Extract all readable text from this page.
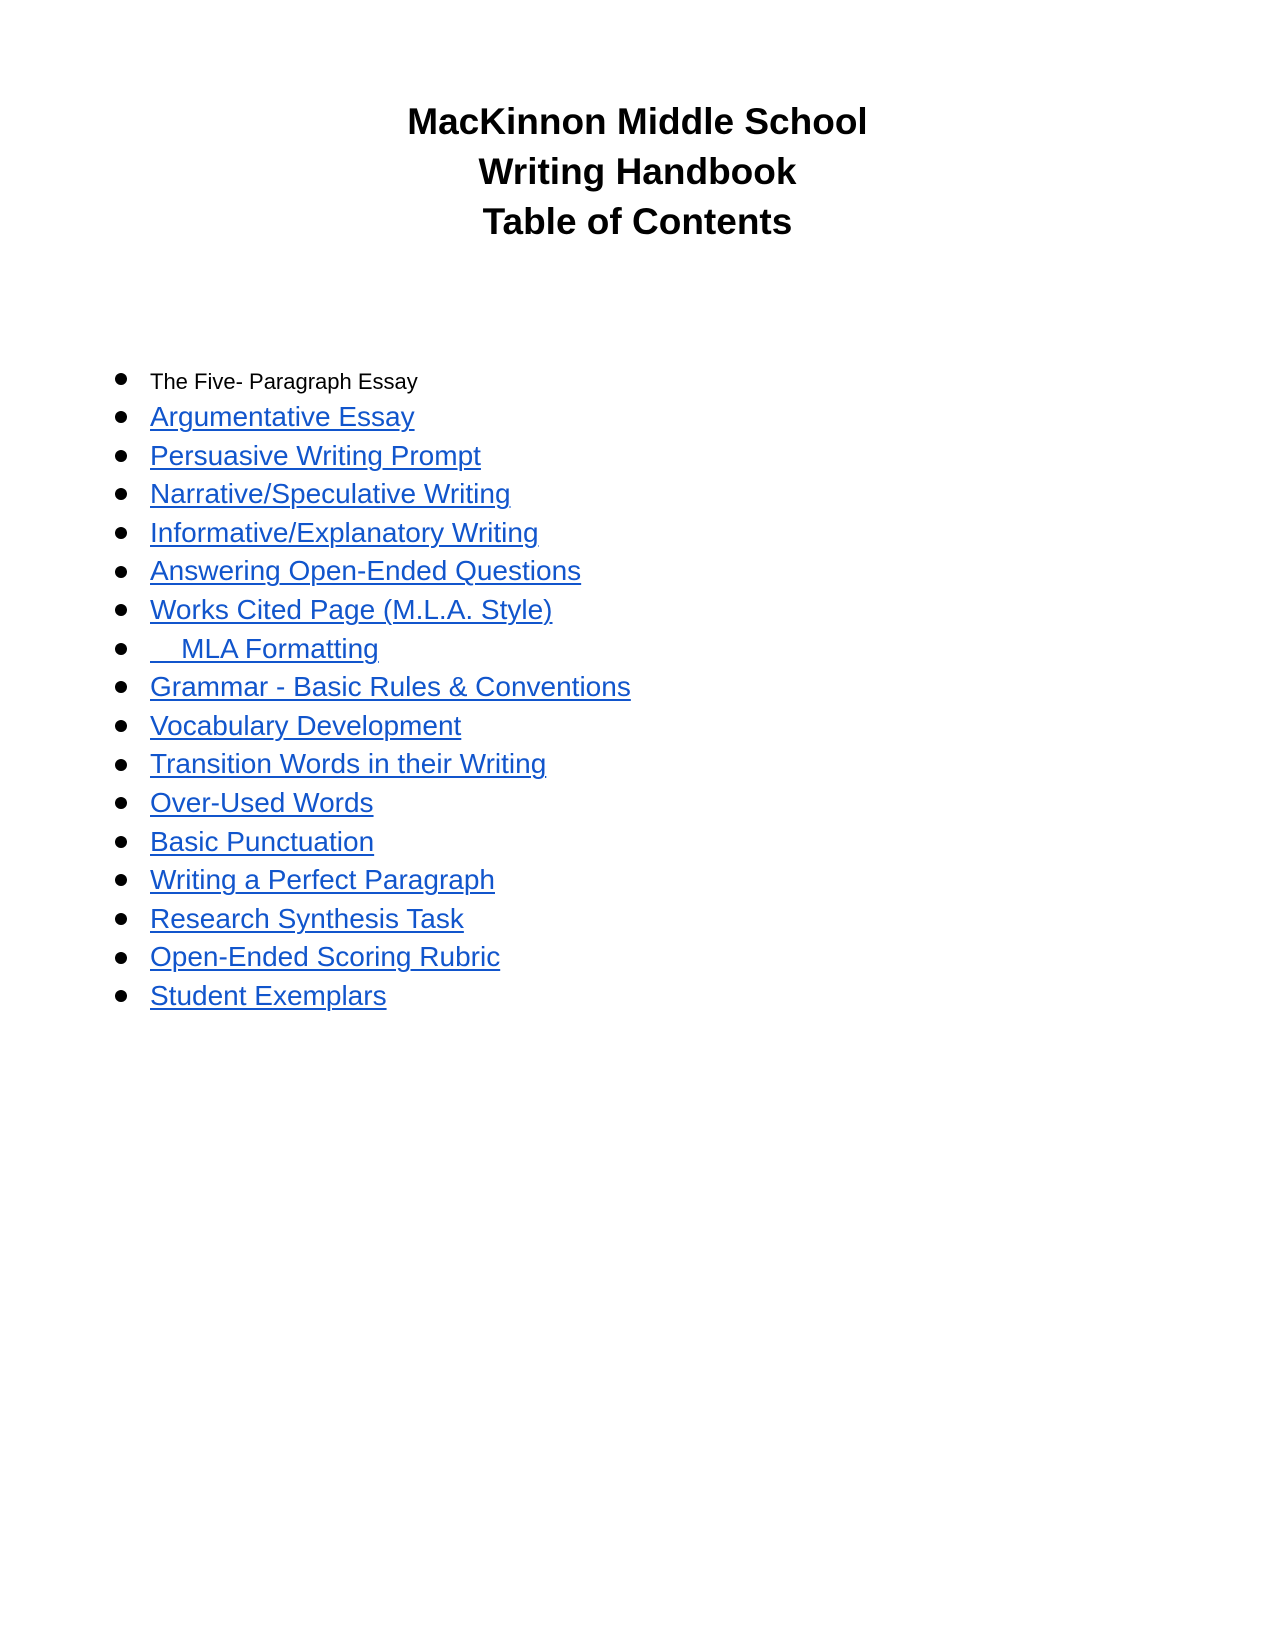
MacKinnon Middle School

Writing Handbook

Table of Contents

The Five- Paragraph Essay
Argumentative Essay
Persuasive Writing Prompt
Narrative/Speculative Writing
Informative/Explanatory Writing
Answering Open-Ended Questions
Works Cited Page (M.L.A. Style)
MLA Formatting
Grammar - Basic Rules & Conventions
Vocabulary Development
Transition Words in their Writing
Over-Used Words
Basic Punctuation
Writing a Perfect Paragraph
Research Synthesis Task
Open-Ended Scoring Rubric
Student Exemplars
